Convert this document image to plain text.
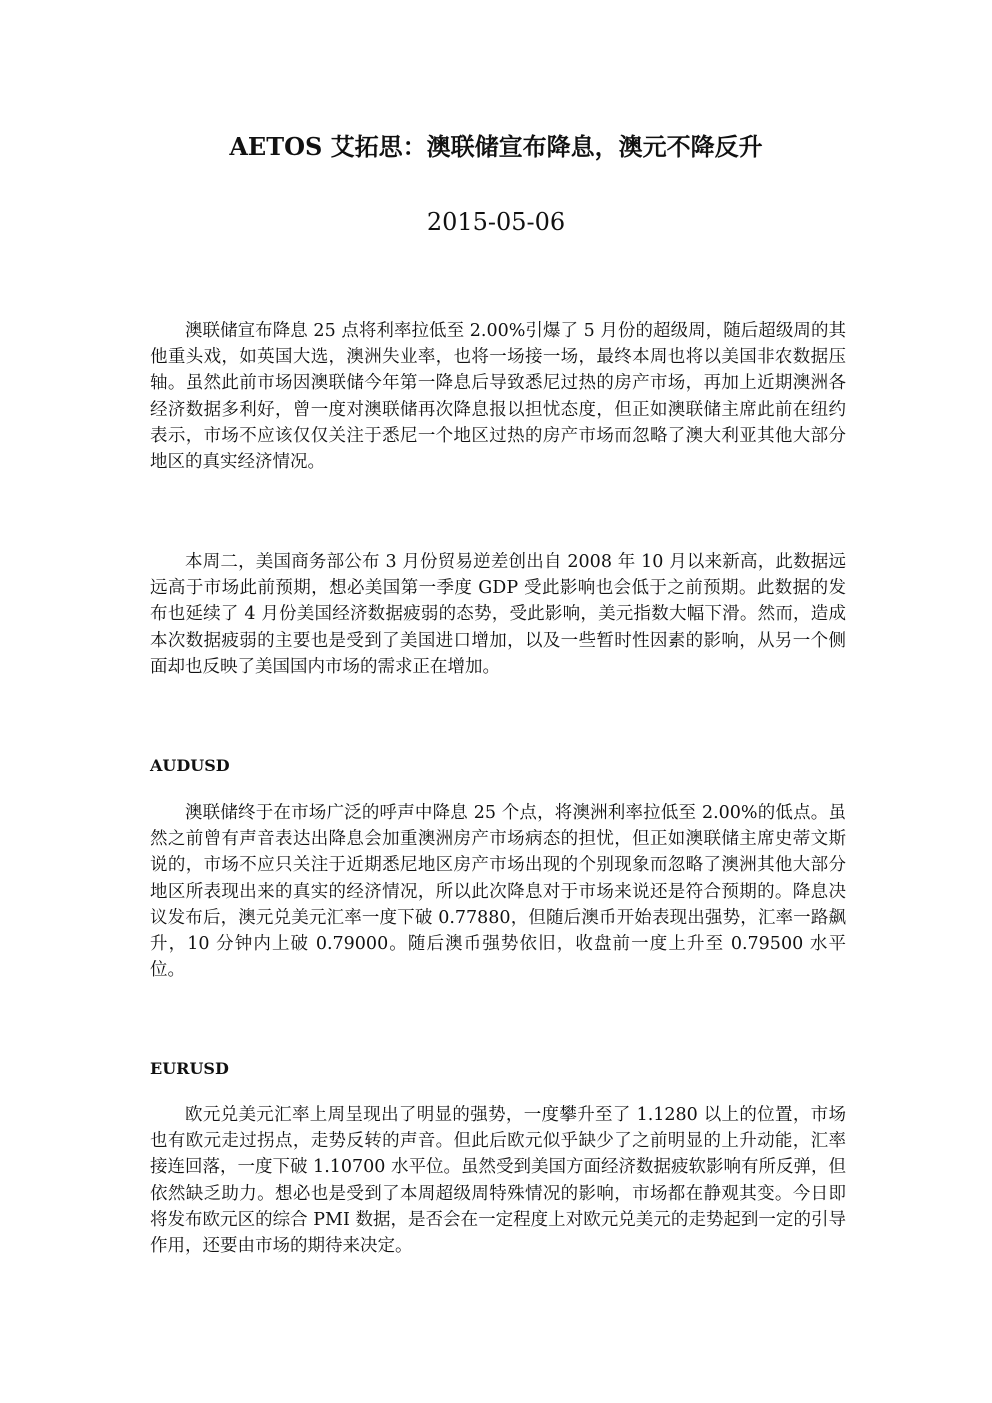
AETOS 艾拓思：澳联储宣布降息，澳元不降反升
2015-05-06

澳联储宣布降息 25 点将利率拉低至 2.00%引爆了 5 月份的超级周，随后超级周的其他重头戏，如英国大选，澳洲失业率，也将一场接一场，最终本周也将以美国非农数据压轴。虽然此前市场因澳联储今年第一降息后导致悉尼过热的房产市场，再加上近期澳洲各经济数据多利好，曾一度对澳联储再次降息报以担忧态度，但正如澳联储主席此前在纽约表示，市场不应该仅仅关注于悉尼一个地区过热的房产市场而忽略了澳大利亚其他大部分地区的真实经济情况。

本周二，美国商务部公布 3 月份贸易逆差创出自 2008 年 10 月以来新高，此数据远远高于市场此前预期，想必美国第一季度 GDP 受此影响也会低于之前预期。此数据的发布也延续了 4 月份美国经济数据疲弱的态势，受此影响，美元指数大幅下滑。然而，造成本次数据疲弱的主要也是受到了美国进口增加，以及一些暂时性因素的影响，从另一个侧面却也反映了美国国内市场的需求正在增加。

AUDUSD

澳联储终于在市场广泛的呼声中降息 25 个点，将澳洲利率拉低至 2.00%的低点。虽然之前曾有声音表达出降息会加重澳洲房产市场病态的担忧，但正如澳联储主席史蒂文斯说的，市场不应只关注于近期悉尼地区房产市场出现的个别现象而忽略了澳洲其他大部分地区所表现出来的真实的经济情况，所以此次降息对于市场来说还是符合预期的。降息决议发布后，澳元兑美元汇率一度下破 0.77880，但随后澳币开始表现出强势，汇率一路飙升，10 分钟内上破 0.79000。随后澳币强势依旧，收盘前一度上升至 0.79500 水平位。

EURUSD

欧元兑美元汇率上周呈现出了明显的强势，一度攀升至了 1.1280 以上的位置，市场也有欧元走过拐点，走势反转的声音。但此后欧元似乎缺少了之前明显的上升动能，汇率接连回落，一度下破 1.10700 水平位。虽然受到美国方面经济数据疲软影响有所反弹，但依然缺乏助力。想必也是受到了本周超级周特殊情况的影响，市场都在静观其变。今日即将发布欧元区的综合 PMI 数据，是否会在一定程度上对欧元兑美元的走势起到一定的引导作用，还要由市场的期待来决定。
